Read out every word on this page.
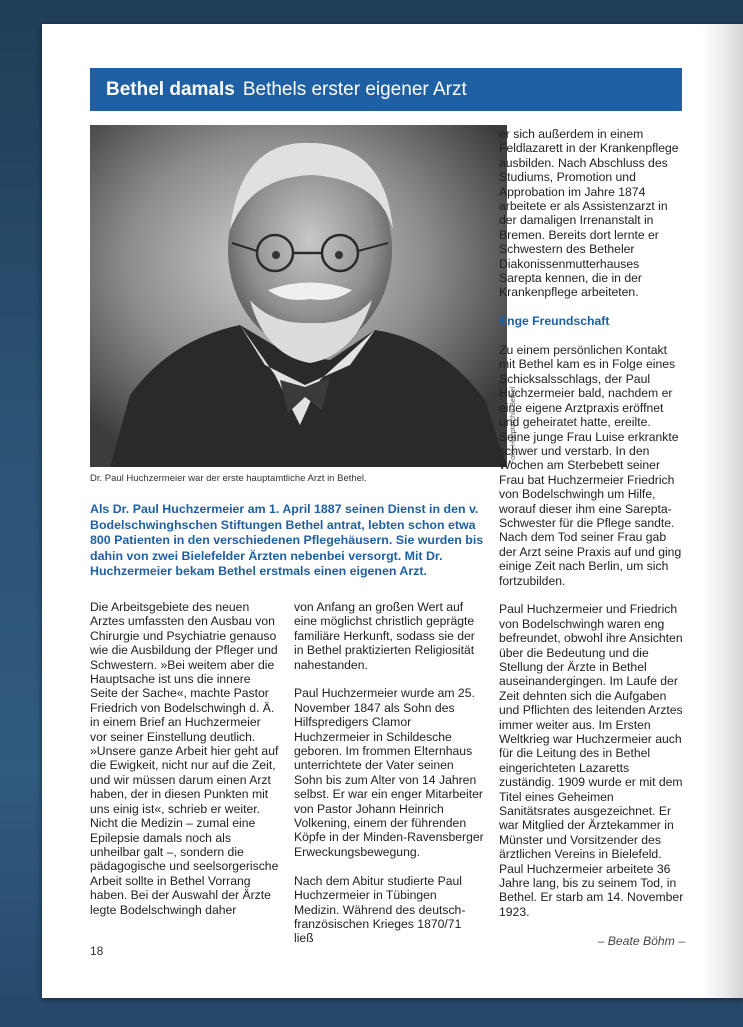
Bethel damals Bethels erster eigener Arzt
Foto: Hauptarchiv Bethel
Dr. Paul Huchzermeier war der erste hauptamtliche Arzt in Bethel.
Als Dr. Paul Huchzermeier am 1. April 1887 seinen Dienst in den v. Bodelschwinghschen Stiftungen Bethel antrat, lebten schon etwa 800 Patienten in den verschiedenen Pflegehäusern. Sie wurden bis dahin von zwei Bielefelder Ärzten nebenbei versorgt. Mit Dr. Huchzermeier bekam Bethel erstmals einen eigenen Arzt.

Die Arbeitsgebiete des neuen Arztes umfassten den Ausbau von Chirurgie und Psychiatrie genauso wie die Ausbildung der Pfleger und Schwestern. »Bei weitem aber die Hauptsache ist uns die innere Seite der Sache«, machte Pastor Friedrich von Bodelschwingh d. Ä. in einem Brief an Huchzermeier vor seiner Einstellung deutlich. »Unsere ganze Arbeit hier geht auf die Ewigkeit, nicht nur auf die Zeit, und wir müssen darum einen Arzt haben, der in diesen Punkten mit uns einig ist«, schrieb er weiter. Nicht die Medizin – zumal eine Epilepsie damals noch als unheilbar galt –, sondern die pädagogische und seelsorgerische Arbeit sollte in Bethel Vorrang haben. Bei der Auswahl der Ärzte legte Bodelschwingh daher

von Anfang an großen Wert auf eine möglichst christlich geprägte familiäre Herkunft, sodass sie der in Bethel praktizierten Religiosität nahestanden.

Paul Huchzermeier wurde am 25. November 1847 als Sohn des Hilfspredigers Clamor Huchzermeier in Schildesche geboren. Im frommen Elternhaus unterrichtete der Vater seinen Sohn bis zum Alter von 14 Jahren selbst. Er war ein enger Mitarbeiter von Pastor Johann Heinrich Volkening, einem der führenden Köpfe in der Minden-Ravensberger Erweckungsbewegung.

Nach dem Abitur studierte Paul Huchzermeier in Tübingen Medizin. Während des deutsch-französischen Krieges 1870/71 ließ

er sich außerdem in einem Feldlazarett in der Krankenpflege ausbilden. Nach Abschluss des Studiums, Promotion und Approbation im Jahre 1874 arbeitete er als Assistenzarzt in der damaligen Irrenanstalt in Bremen. Bereits dort lernte er Schwestern des Betheler Diakonissenmutterhauses Sarepta kennen, die in der Krankenpflege arbeiteten.

Enge Freundschaft

Zu einem persönlichen Kontakt mit Bethel kam es in Folge eines Schicksalsschlags, der Paul Huchzermeier bald, nachdem er eine eigene Arztpraxis eröffnet und geheiratet hatte, ereilte. Seine junge Frau Luise erkrankte schwer und verstarb. In den Wochen am Sterbebett seiner Frau bat Huchzermeier Friedrich von Bodelschwingh um Hilfe, worauf dieser ihm eine Sarepta-Schwester für die Pflege sandte. Nach dem Tod seiner Frau gab der Arzt seine Praxis auf und ging einige Zeit nach Berlin, um sich fortzubilden.

Paul Huchzermeier und Friedrich von Bodelschwingh waren eng befreundet, obwohl ihre Ansichten über die Bedeutung und die Stellung der Ärzte in Bethel auseinandergingen. Im Laufe der Zeit dehnten sich die Aufgaben und Pflichten des leitenden Arztes immer weiter aus. Im Ersten Weltkrieg war Huchzermeier auch für die Leitung des in Bethel eingerichteten Lazaretts zuständig. 1909 wurde er mit dem Titel eines Geheimen Sanitätsrates ausgezeichnet. Er war Mitglied der Ärztekammer in Münster und Vorsitzender des ärztlichen Vereins in Bielefeld. Paul Huchzermeier arbeitete 36 Jahre lang, bis zu seinem Tod, in Bethel. Er starb am 14. November 1923.

– Beate Böhm –

18
